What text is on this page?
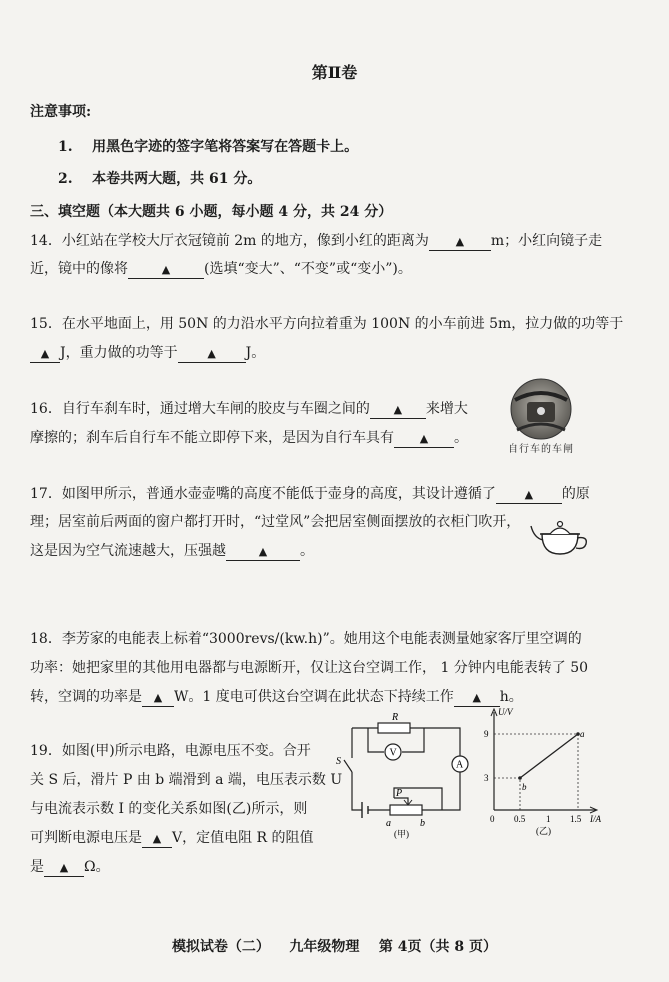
第Ⅱ卷
注意事项:
1. 用黑色字迹的签字笔将答案写在答题卡上。
2. 本卷共两大题，共 61 分。
三、填空题（本大题共 6 小题，每小题 4 分，共 24 分）
14．小红站在学校大厅衣冠镜前 2m 的地方，像到小红的距离为 ▲ m；小红向镜子走
近，镜中的像将	▲ (选填“变大”、“不变”或“变小”)。
15．在水平地面上，用 50N 的力沿水平方向拉着重为 100N 的小车前进 5m，拉力做的功等于
▲ J，重力做的功等于	▲ J。
16．自行车刹车时，通过增大车闸的胶皮与车圈之间的 ▲ 来增大
摩擦的；刹车后自行车不能立即停下来，是因为自行车具有 ▲ 。
自行车的车闸
17．如图甲所示，普通水壶壶嘴的高度不能低于壶身的高度，其设计遵循了	▲ 的原
理；居室前后两面的窗户都打开时，“过堂风”会把居室侧面摆放的衣柜门吹开，
这是因为空气流速越大，压强越	▲ 。
18．李芳家的电能表上标着“3000revs/(kw.h)”。她用这个电能表测量她家客厅里空调的
功率：她把家里的其他用电器都与电源断开，仅让这台空调工作， 1 分钟内电能表转了 50
转，空调的功率是 ▲ W。1 度电可供这台空调在此状态下持续工作 ▲ h。
19．如图(甲)所示电路，电源电压不变。合开
关 S 后，滑片 P 由 b 端滑到 a 端，电压表示数 U
与电流表示数 I 的变化关系如图(乙)所示，则
可判断电源电压是 ▲ V，定值电阻 R 的阻值
是 ▲ Ω。
R
V
A
S
P
a	b
(甲)
U/V
I/A
a
b
9
3
0 0.5 1 1.5
(乙)
模拟试卷（二）    九年级物理    第 4页（共 8 页）
